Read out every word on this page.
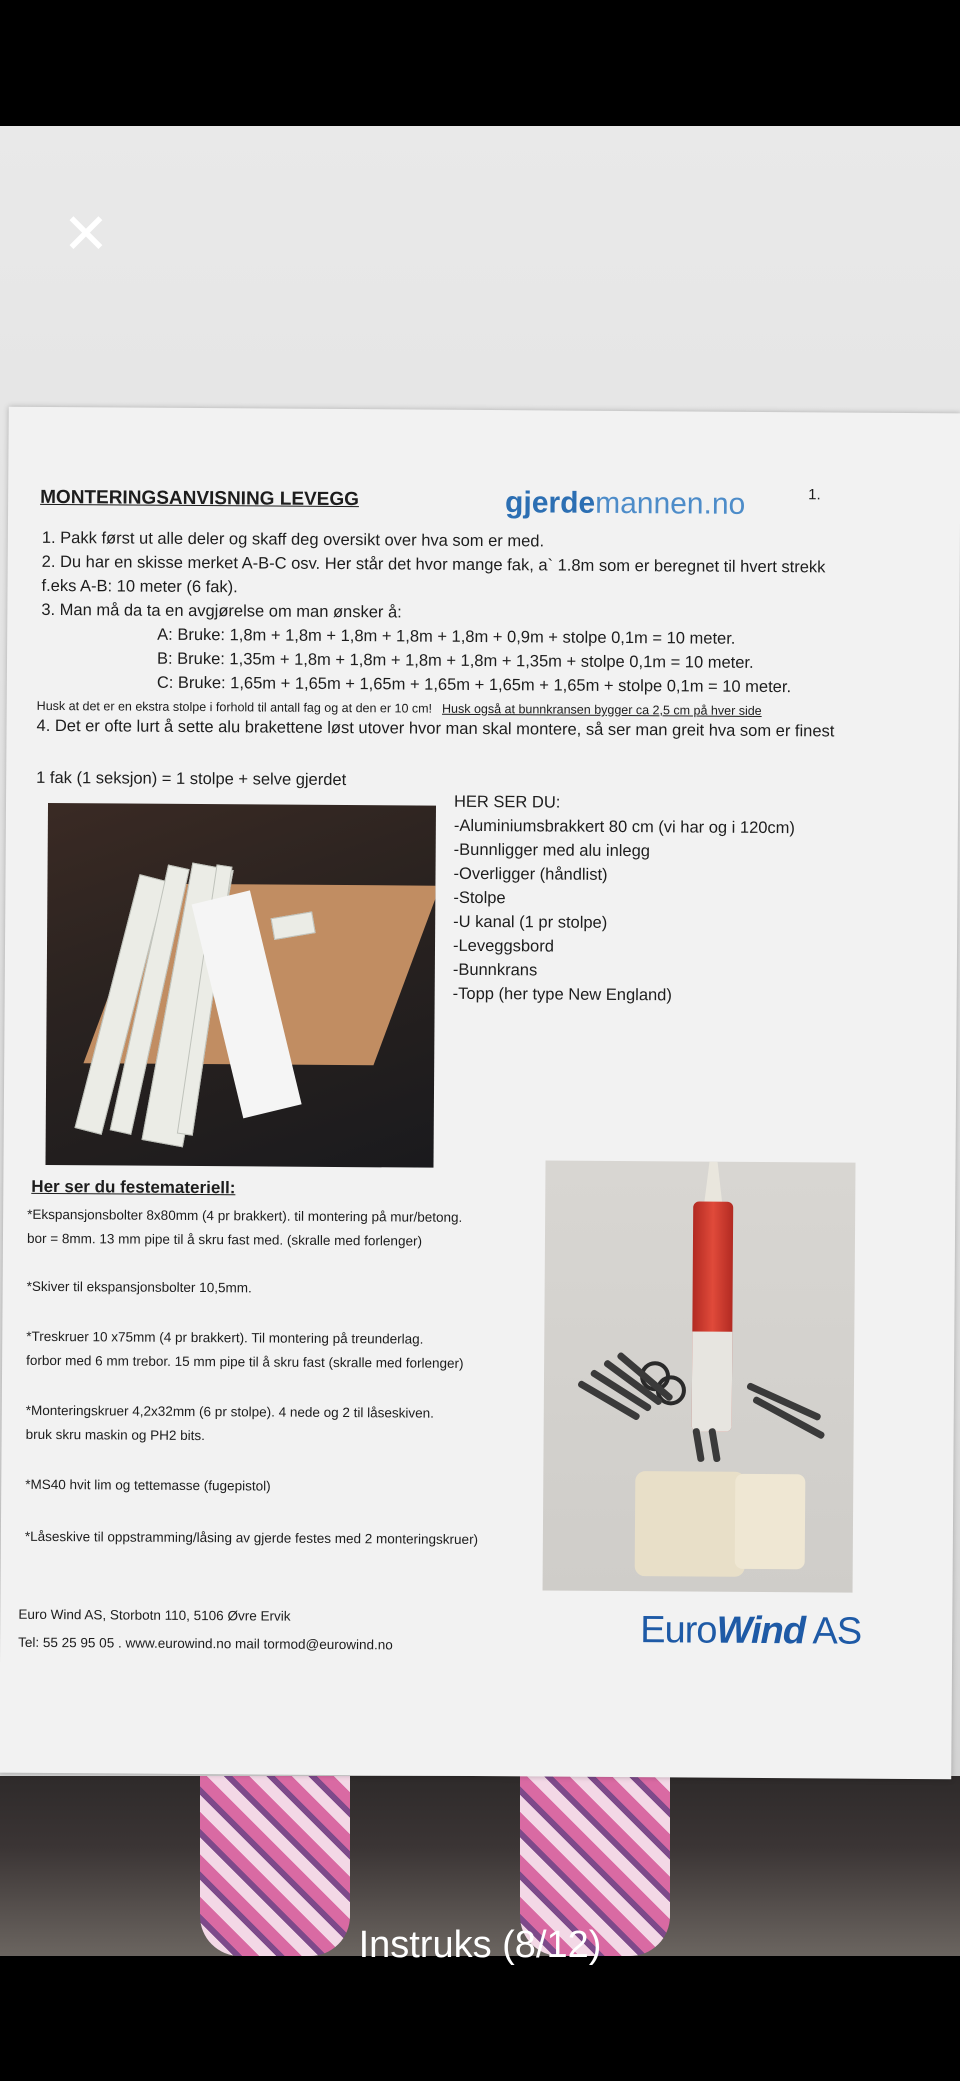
✕
MONTERINGSANVISNING LEVEGG	gjerdemannen.no	1.
1. Pakk først ut alle deler og skaff deg oversikt over hva som er med.
2. Du har en skisse merket A-B-C osv. Her står det hvor mange fak, a` 1.8m som er beregnet til hvert strekk
f.eks A-B: 10 meter (6 fak).
3. Man må da ta en avgjørelse om man ønsker å:
A: Bruke: 1,8m + 1,8m + 1,8m + 1,8m + 1,8m + 0,9m + stolpe 0,1m = 10 meter.
B: Bruke: 1,35m + 1,8m + 1,8m + 1,8m + 1,8m + 1,35m + stolpe 0,1m = 10 meter.
C: Bruke: 1,65m + 1,65m + 1,65m + 1,65m + 1,65m + 1,65m + stolpe 0,1m = 10 meter.
Husk at det er en ekstra stolpe i forhold til antall fag og at den er 10 cm! Husk også at bunnkransen bygger ca 2,5 cm på hver side
4. Det er ofte lurt å sette alu brakettene løst utover hvor man skal montere, så ser man greit hva som er finest
1 fak (1 seksjon) = 1 stolpe + selve gjerdet
HER SER DU:
-Aluminiumsbrakkert 80 cm (vi har og i 120cm)
-Bunnligger med alu inlegg
-Overligger (håndlist)
-Stolpe
-U kanal (1 pr stolpe)
-Leveggsbord
-Bunnkrans
-Topp (her type New England)
Her ser du festemateriell:
*Ekspansjonsbolter 8x80mm (4 pr brakkert). til montering på mur/betong.
bor = 8mm. 13 mm pipe til å skru fast med. (skralle med forlenger)
*Skiver til ekspansjonsbolter 10,5mm.
*Treskruer 10 x75mm (4 pr brakkert). Til montering på treunderlag.
forbor med 6 mm trebor. 15 mm pipe til å skru fast (skralle med forlenger)
*Monteringskruer 4,2x32mm (6 pr stolpe). 4 nede og 2 til låseskiven.
bruk skru maskin og PH2 bits.
*MS40 hvit lim og tettemasse (fugepistol)
*Låseskive til oppstramming/låsing av gjerde festes med 2 monteringskruer)
Euro Wind AS, Storbotn 110, 5106 Øvre Ervik
Tel: 55 25 95 05 . www.eurowind.no mail tormod@eurowind.no	EuroWind AS
Instruks (8/12)
